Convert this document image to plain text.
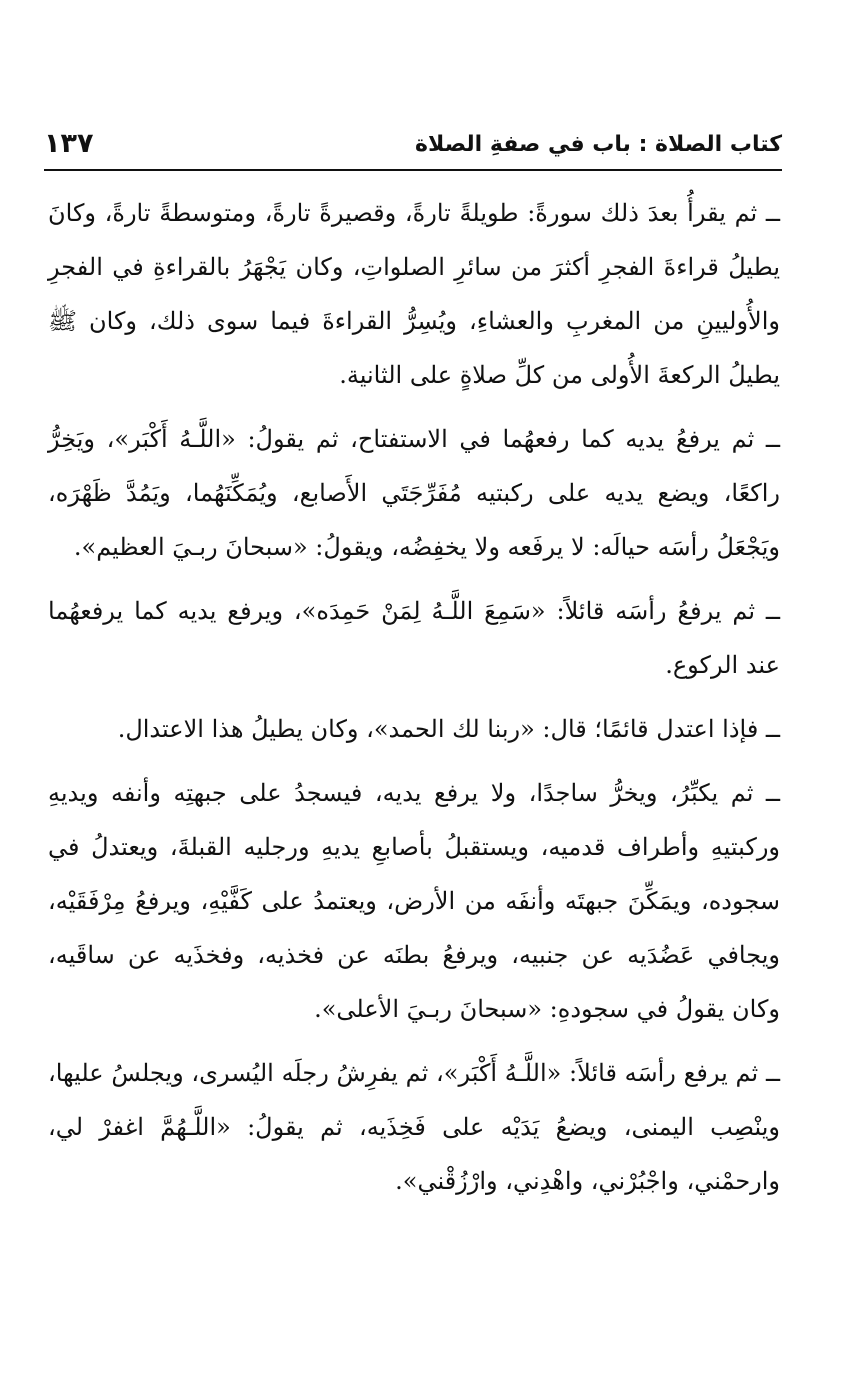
كتاب الصلاة : باب في صفةِ الصلاة
١٣٧

ــ ثم يقرأُ بعدَ ذلك سورةً: طويلةً تارةً، وقصيرةً تارةً، ومتوسطةً تارةً، وكانَ يطيلُ قراءةَ الفجرِ أكثرَ من سائرِ الصلواتِ، وكان يَجْهَرُ بالقراءةِ في الفجرِ والأُوليينِ من المغربِ والعشاءِ، ويُسِرُّ القراءةَ فيما سوى ذلك، وكان ﷺ يطيلُ الركعةَ الأُولى من كلِّ صلاةٍ على الثانية.

ــ ثم يرفعُ يديه كما رفعهُما في الاستفتاح، ثم يقولُ: «اللَّـهُ أَكْبَر»، ويَخِرُّ راكعًا، ويضع يديه على ركبتيه مُفَرِّجَتَي الأَصابع، ويُمَكِّنَهُما، ويَمُدَّ ظَهْرَه، ويَجْعَلُ رأسَه حيالَه: لا يرفَعه ولا يخفِضُه، ويقولُ: «سبحانَ ربـيَ العظيم».

ــ ثم يرفعُ رأسَه قائلاً: «سَمِعَ اللَّـهُ لِمَنْ حَمِدَه»، ويرفع يديه كما يرفعهُما عند الركوع.

ــ فإذا اعتدل قائمًا؛ قال: «ربنا لك الحمد»، وكان يطيلُ هذا الاعتدال.

ــ ثم يكبِّرُ، ويخرُّ ساجدًا، ولا يرفع يديه، فيسجدُ على جبهتِه وأنفه ويديهِ وركبتيهِ وأطراف قدميه، ويستقبلُ بأصابعِ يديهِ ورجليه القبلةَ، ويعتدلُ في سجوده، ويمَكِّنَ جبهتَه وأنفَه من الأرض، ويعتمدُ على كَفَّيْهِ، ويرفعُ مِرْفَقَيْه، ويجافي عَضُدَيه عن جنبيه، ويرفعُ بطنَه عن فخذيه، وفخذَيه عن ساقَيه، وكان يقولُ في سجودهِ: «سبحانَ ربـيَ الأعلى».

ــ ثم يرفع رأسَه قائلاً: «اللَّـهُ أَكْبَر»، ثم يفرِشُ رجلَه اليُسرى، ويجلسُ عليها، وينْصِب اليمنى، ويضعُ يَدَيْه على فَخِذَيه، ثم يقولُ: «اللَّـهُمَّ اغفرْ لي، وارحمْني، واجْبُرْني، واهْدِني، وارْزُقْني».
